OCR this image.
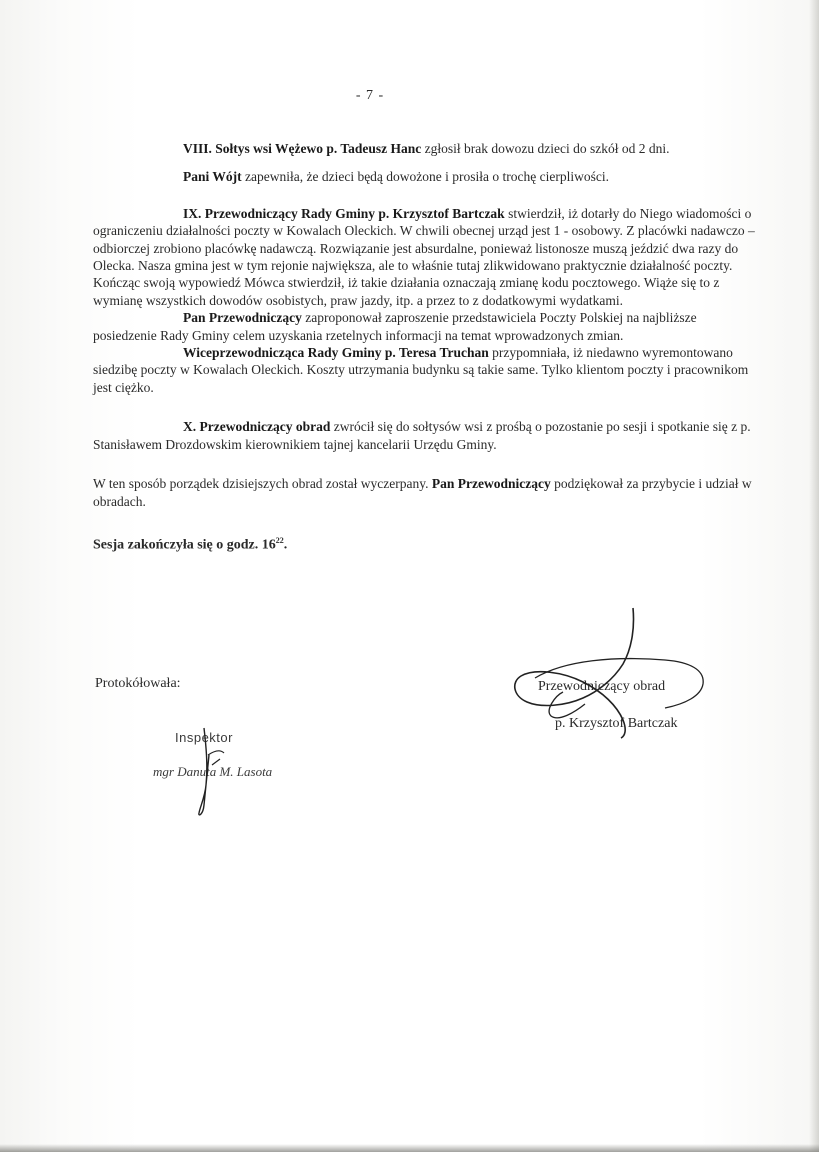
- 7 -

VIII. Sołtys wsi Wężewo p. Tadeusz Hanc zgłosił brak dowozu dzieci do szkół od 2 dni.

Pani Wójt zapewniła, że dzieci będą dowożone i prosiła o trochę cierpliwości.

IX. Przewodniczący Rady Gminy p. Krzysztof Bartczak stwierdził, iż dotarły do Niego wiadomości o ograniczeniu działalności poczty w Kowalach Oleckich. W chwili obecnej urząd jest 1 - osobowy. Z placówki nadawczo – odbiorczej zrobiono placówkę nadawczą. Rozwiązanie jest absurdalne, ponieważ listonosze muszą jeździć dwa razy do Olecka. Nasza gmina jest w tym rejonie największa, ale to właśnie tutaj zlikwidowano praktycznie działalność poczty. Kończąc swoją wypowiedź Mówca stwierdził, iż takie działania oznaczają zmianę kodu pocztowego. Wiąże się to z wymianę wszystkich dowodów osobistych, praw jazdy, itp. a przez to z dodatkowymi wydatkami.

Pan Przewodniczący zaproponował zaproszenie przedstawiciela Poczty Polskiej na najbliższe posiedzenie Rady Gminy celem uzyskania rzetelnych informacji na temat wprowadzonych zmian.

Wiceprzewodnicząca Rady Gminy p. Teresa Truchan przypomniała, iż niedawno wyremontowano siedzibę poczty w Kowalach Oleckich. Koszty utrzymania budynku są takie same. Tylko klientom poczty i pracownikom jest ciężko.

X. Przewodniczący obrad zwrócił się do sołtysów wsi z prośbą o pozostanie po sesji i spotkanie się z p. Stanisławem Drozdowskim kierownikiem tajnej kancelarii Urzędu Gminy.

W ten sposób porządek dzisiejszych obrad został wyczerpany. Pan Przewodniczący podziękował za przybycie i udział w obradach.

Sesja zakończyła się o godz. $16^{22}$.

Protokółowała:
Inspektor
mgr Danuta M. Lasota
Przewodniczący obrad
p. Krzysztof Bartczak
